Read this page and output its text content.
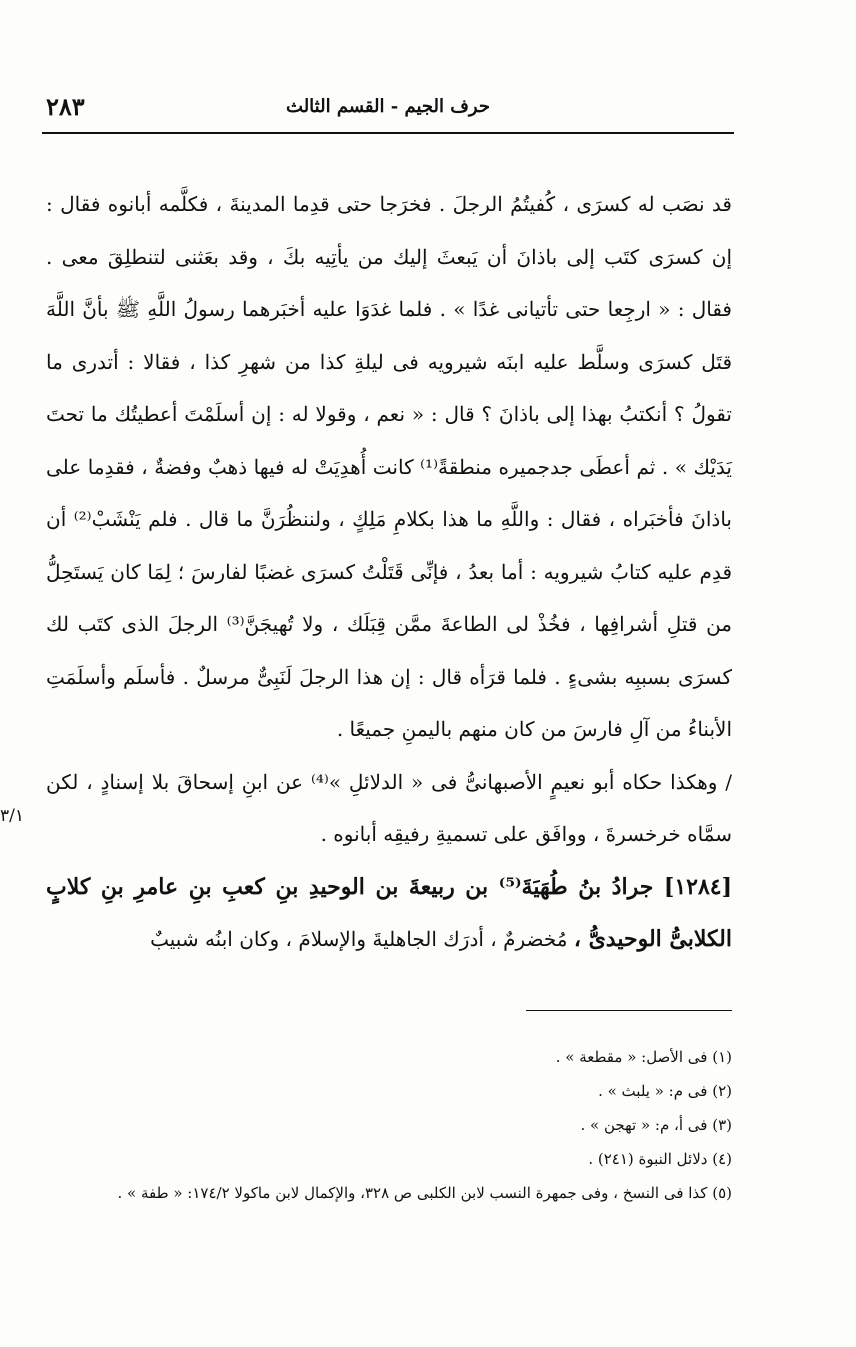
٢٨٣	حرف الجيم - القسم الثالث

قد نصَب له كسرَى ، كُفيتُمُ الرجلَ . فخرَجا حتى قدِما المدينةَ ، فكلَّمه أبانوه فقال : إن كسرَى كتَب إلى باذانَ أن يَبعثَ إليك من يأتِيه بكَ ، وقد بعَثنى لتنطلِقَ معى . فقال : « ارجِعا حتى تأتيانى غدًا » . فلما غدَوَا عليه أخبَرهما رسولُ اللَّهِ ﷺ بأنَّ اللَّهَ قتَل كسرَى وسلَّط عليه ابنَه شيرويه فى ليلةِ كذا من شهرِ كذا ، فقالا : أتدرى ما تقولُ ؟ أنكتبُ بهذا إلى باذانَ ؟ قال : « نعم ، وقولا له : إن أسلَمْتَ أعطيتُك ما تحتَ يَدَيْك » . ثم أعطَى جدجميره منطقةً⁽¹⁾ كانت أُهدِيَتْ له فيها ذهبٌ وفضةٌ ، فقدِما على باذانَ فأخبَراه ، فقال : واللَّهِ ما هذا بكلامِ مَلِكٍ ، ولننظُرَنَّ ما قال . فلم يَنْشَبْ⁽²⁾ أن قدِم عليه كتابُ شيرويه : أما بعدُ ، فإنِّى قَتَلْتُ كسرَى غضبًا لفارسَ ؛ لِمَا كان يَستَحِلُّ من قتلِ أشرافِها ، فخُذْ لى الطاعةَ ممَّن قِبَلَك ، ولا تُهيجَنَّ⁽³⁾ الرجلَ الذى كتَب لك كسرَى بسببِه بشىءٍ . فلما قرَأه قال : إن هذا الرجلَ لَنَبِىٌّ مرسلٌ . فأسلَم وأسلَمَتِ الأبناءُ من آلِ فارسَ من كان منهم باليمنِ جميعًا .

/ وهكذا حكاه أبو نعيمٍ الأصبهانىُّ فى « الدلائلِ »⁽⁴⁾ عن ابنِ إسحاقَ بلا إسنادٍ ، لكن سمَّاه خرخسرةَ ، ووافَق على تسميةِ رفيقِه أبانوه .

[١٢٨٤] جرادُ بنُ طُهَيَةَ⁽⁵⁾ بن ربيعةَ بن الوحيدِ بنِ كعبِ بنِ عامرِ بنِ كلابٍ الكلابىُّ الوحيدىُّ ، مُخضرمٌ ، أدرَك الجاهليةَ والإسلامَ ، وكان ابنُه شبيبٌ

٣/١

(١) فى الأصل: « مقطعة » .

(٢) فى م: « يلبث » .

(٣) فى أ، م: « تهجن » .

(٤) دلائل النبوة (٢٤١) .

(٥) كذا فى النسخ ، وفى جمهرة النسب لابن الكلبى ص ٣٢٨، والإكمال لابن ماكولا ١٧٤/٢: « طفة » .
